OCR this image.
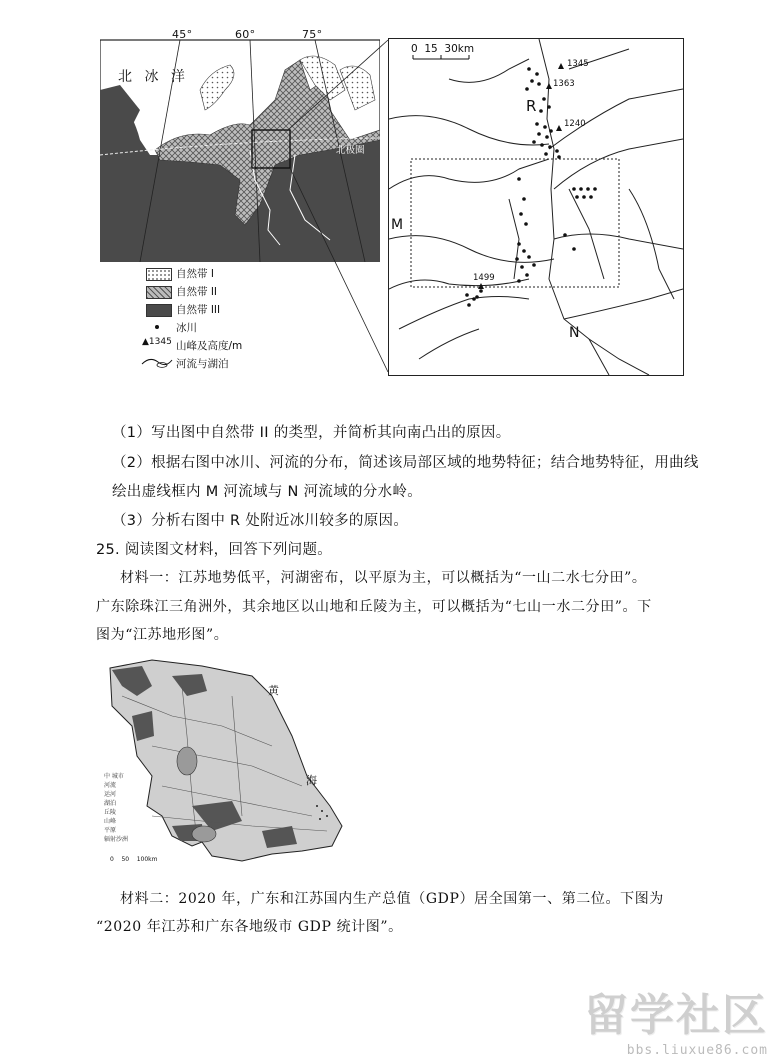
45°	60°	75°
北 冰 洋
北极圈
自然带 I
自然带 II
自然带 III
冰川
▲1345 山峰及高度/m
河流与湖泊
0  15  30km
R
M
N
1345
1363
1240
1499
（1）写出图中自然带 II 的类型，并简析其向南凸出的原因。
（2）根据右图中冰川、河流的分布，简述该局部区域的地势特征；结合地势特征，用曲线
绘出虚线框内 M 河流域与 N 河流域的分水岭。
（3）分析右图中 R 处附近冰川较多的原因。
25. 阅读图文材料，回答下列问题。
材料一：江苏地势低平，河湖密布，以平原为主，可以概括为“一山二水七分田”。
广东除珠江三角洲外，其余地区以山地和丘陵为主，可以概括为“七山一水二分田”。下
图为“江苏地形图”。
黄
海
中 城市
河流
运河
湖泊
丘陵
山峰
平原
辐射沙洲
0    50    100km
材料二：2020 年，广东和江苏国内生产总值（GDP）居全国第一、第二位。下图为
“2020 年江苏和广东各地级市 GDP 统计图”。
留学社区
bbs.liuxue86.com
